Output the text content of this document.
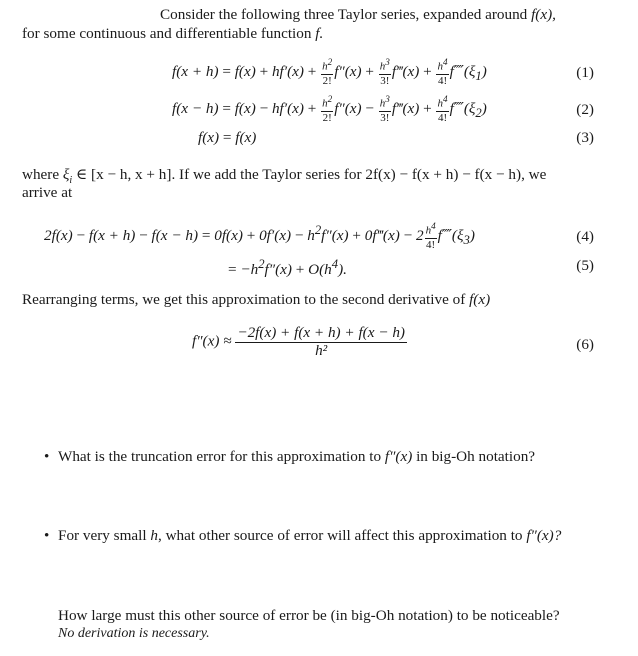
Consider the following three Taylor series, expanded around f(x),
for some continuous and differentiable function f.
$f(x + h) = f(x) + hf'(x) + \frac{h^2}{2!} f''(x) + \frac{h^3}{3!}$ f‴(x) + $\frac{h^4}{4!}$ $f⁗(\xi_1)$	(1)
$f(x - h) = f(x) - hf'(x) + \frac{h^2}{2!} f''(x) - \frac{h^3}{3!}$ f‴(x) + $\frac{h^4}{4!}$ $f⁗(\xi_2)$	(2)
f(x) = f(x)	(3)
where $\xi_i$ ∈ [x − h, x + h]. If we add the Taylor series for 2f(x) − f(x + h) − f(x − h), we
arrive at
$2f(x) - f(x + h) - f(x - h) = 0f(x) + 0f'(x) - h^2f''(x)$ + 0f‴(x) − $2 \frac{h^4}{4!}$ $f⁗(\xi_3)$	(4)
= $-h^2f''(x) + O(h^4)$.	(5)
Rearranging terms, we get this approximation to the second derivative of f(x)
$f''(x) \approx \frac{-2f(x) + f(x + h) + f(x - h)}{\text{h²}}$	(6)
• What is the truncation error for this approximation to f″(x) in big-Oh notation?
• For very small h, what other source of error will affect this approximation to f″(x)?
How large must this other source of error be (in big-Oh notation) to be noticeable?
No derivation is necessary.
